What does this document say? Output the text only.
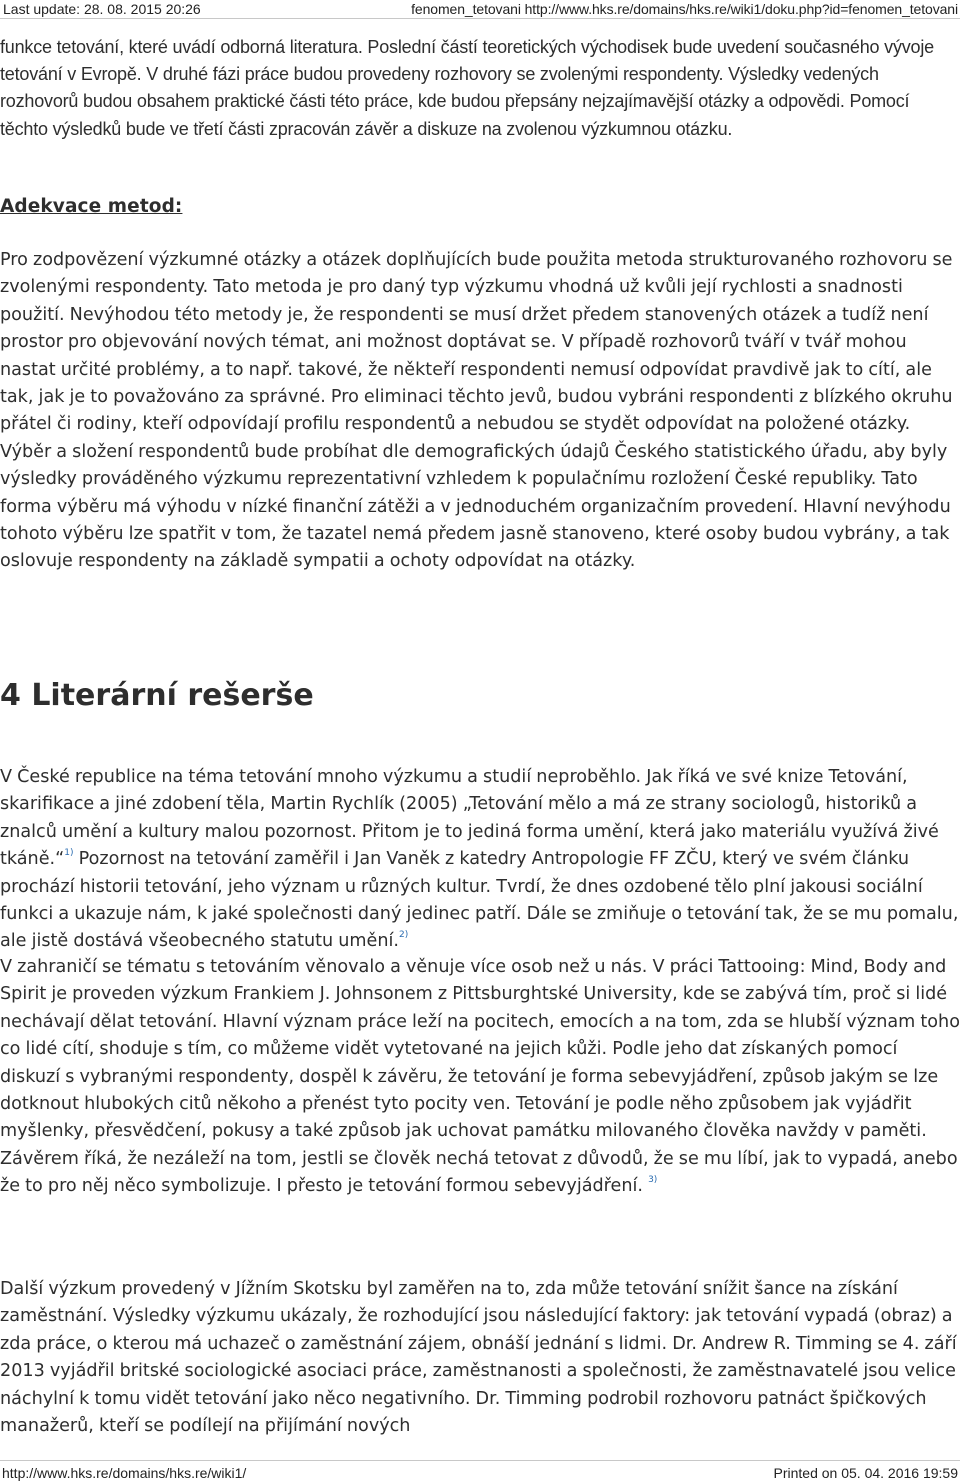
Last update: 28. 08. 2015 20:26	fenomen_tetovani http://www.hks.re/domains/hks.re/wiki1/doku.php?id=fenomen_tetovani

funkce tetování, které uvádí odborná literatura. Poslední částí teoretických východisek bude uvedení současného vývoje tetování v Evropě. V druhé fázi práce budou provedeny rozhovory se zvolenými respondenty. Výsledky vedených rozhovorů budou obsahem praktické části této práce, kde budou přepsány nejzajímavější otázky a odpovědi. Pomocí těchto výsledků bude ve třetí části zpracován závěr a diskuze na zvolenou výzkumnou otázku.

Adekvace metod:

Pro zodpovězení výzkumné otázky a otázek doplňujících bude použita metoda strukturovaného rozhovoru se zvolenými respondenty. Tato metoda je pro daný typ výzkumu vhodná už kvůli její rychlosti a snadnosti použití. Nevýhodou této metody je, že respondenti se musí držet předem stanovených otázek a tudíž není prostor pro objevování nových témat, ani možnost doptávat se. V případě rozhovorů tváří v tvář mohou nastat určité problémy, a to např. takové, že někteří respondenti nemusí odpovídat pravdivě jak to cítí, ale tak, jak je to považováno za správné. Pro eliminaci těchto jevů, budou vybráni respondenti z blízkého okruhu přátel či rodiny, kteří odpovídají profilu respondentů a nebudou se stydět odpovídat na položené otázky. Výběr a složení respondentů bude probíhat dle demografických údajů Českého statistického úřadu, aby byly výsledky prováděného výzkumu reprezentativní vzhledem k populačnímu rozložení České republiky. Tato forma výběru má výhodu v nízké finanční zátěži a v jednoduchém organizačním provedení. Hlavní nevýhodu tohoto výběru lze spatřit v tom, že tazatel nemá předem jasně stanoveno, které osoby budou vybrány, a tak oslovuje respondenty na základě sympatii a ochoty odpovídat na otázky.

4 Literární rešerše

V České republice na téma tetování mnoho výzkumu a studií neproběhlo. Jak říká ve své knize Tetování, skarifikace a jiné zdobení těla, Martin Rychlík (2005) „Tetování mělo a má ze strany sociologů, historiků a znalců umění a kultury malou pozornost. Přitom je to jediná forma umění, která jako materiálu využívá živé tkáně.“$^{1)}$ Pozornost na tetování zaměřil i Jan Vaněk z katedry Antropologie FF ZČU, který ve svém článku prochází historii tetování, jeho význam u různých kultur. Tvrdí, že dnes ozdobené tělo plní jakousi sociální funkci a ukazuje nám, k jaké společnosti daný jedinec patří. Dále se zmiňuje o tetování tak, že se mu pomalu, ale jistě dostává všeobecného statutu umění.$^{2)}$

V zahraničí se tématu s tetováním věnovalo a věnuje více osob než u nás. V práci Tattooing: Mind, Body and Spirit je proveden výzkum Frankiem J. Johnsonem z Pittsburghtské University, kde se zabývá tím, proč si lidé nechávají dělat tetování. Hlavní význam práce leží na pocitech, emocích a na tom, zda se hlubší význam toho co lidé cítí, shoduje s tím, co můžeme vidět vytetované na jejich kůži. Podle jeho dat získaných pomocí diskuzí s vybranými respondenty, dospěl k závěru, že tetování je forma sebevyjádření, způsob jakým se lze dotknout hlubokých citů někoho a přenést tyto pocity ven. Tetování je podle něho způsobem jak vyjádřit myšlenky, přesvědčení, pokusy a také způsob jak uchovat památku milovaného člověka navždy v paměti. Závěrem říká, že nezáleží na tom, jestli se člověk nechá tetovat z důvodů, že se mu líbí, jak to vypadá, anebo že to pro něj něco symbolizuje. I přesto je tetování formou sebevyjádření. $^{3)}$

Další výzkum provedený v Jížním Skotsku byl zaměřen na to, zda může tetování snížit šance na získání zaměstnání. Výsledky výzkumu ukázaly, že rozhodující jsou následující faktory: jak tetování vypadá (obraz) a zda práce, o kterou má uchazeč o zaměstnání zájem, obnáší jednání s lidmi. Dr. Andrew R. Timming se 4. září 2013 vyjádřil britské sociologické asociaci práce, zaměstnanosti a společnosti, že zaměstnavatelé jsou velice náchylní k tomu vidět tetování jako něco negativního. Dr. Timming podrobil rozhovoru patnáct špičkových manažerů, kteří se podílejí na přijímání nových

http://www.hks.re/domains/hks.re/wiki1/	Printed on 05. 04. 2016 19:59
